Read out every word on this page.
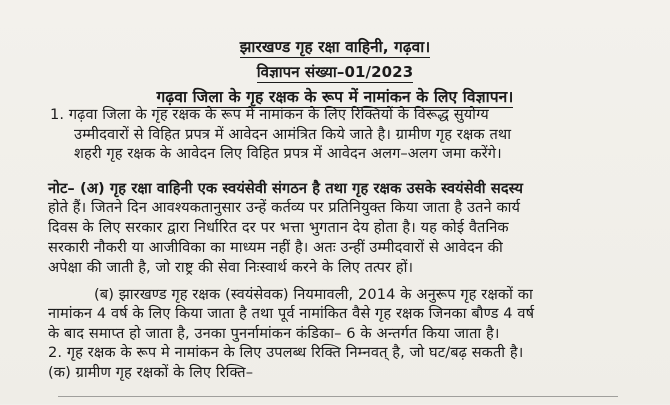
झारखण्ड गृह रक्षा वाहिनी, गढ़वा।
विज्ञापन संख्या–01/2023
गढ़वा जिला के गृह रक्षक के रूप में नामांकन के लिए विज्ञापन।
1. गढ़वा जिला के गृह रक्षक के रूप मे नामांकन के लिए रिक्तियों के विरूद्ध सुयोग्य
उम्मीदवारों से विहित प्रपत्र में आवेदन आमंत्रित किये जाते है। ग्रामीण गृह रक्षक तथा
शहरी गृह रक्षक के आवेदन लिए विहित प्रपत्र में आवेदन अलग–अलग जमा करेंगे।
नोट– (अ) गृह रक्षा वाहिनी एक स्वयंसेवी संगठन है तथा गृह रक्षक उसके स्वयंसेवी सदस्य
होते हैं। जितने दिन आवश्यकतानुसार उन्हें कर्तव्य पर प्रतिनियुक्त किया जाता है उतने कार्य
दिवस के लिए सरकार द्वारा निर्धारित दर पर भत्ता भुगतान देय होता है। यह कोई वैतनिक
सरकारी नौकरी या आजीविका का माध्यम नहीं है। अतः उन्हीं उम्मीदवारों से आवेदन की
अपेक्षा की जाती है, जो राष्ट्र की सेवा निःस्वार्थ करने के लिए तत्पर हों।
(ब) झारखण्ड गृह रक्षक (स्वयंसेवक) नियमावली, 2014 के अनुरूप गृह रक्षकों का
नामांकन 4 वर्ष के लिए किया जाता है तथा पूर्व नामांकित वैसे गृह रक्षक जिनका बौण्ड 4 वर्ष
के बाद समाप्त हो जाता है, उनका पुनर्नामांकन कंडिका– 6 के अन्तर्गत किया जाता है।
2. गृह रक्षक के रूप मे नामांकन के लिए उपलब्ध रिक्ति निम्नवत् है, जो घट/बढ़ सकती है।
(क) ग्रामीण गृह रक्षकों के लिए रिक्ति–
